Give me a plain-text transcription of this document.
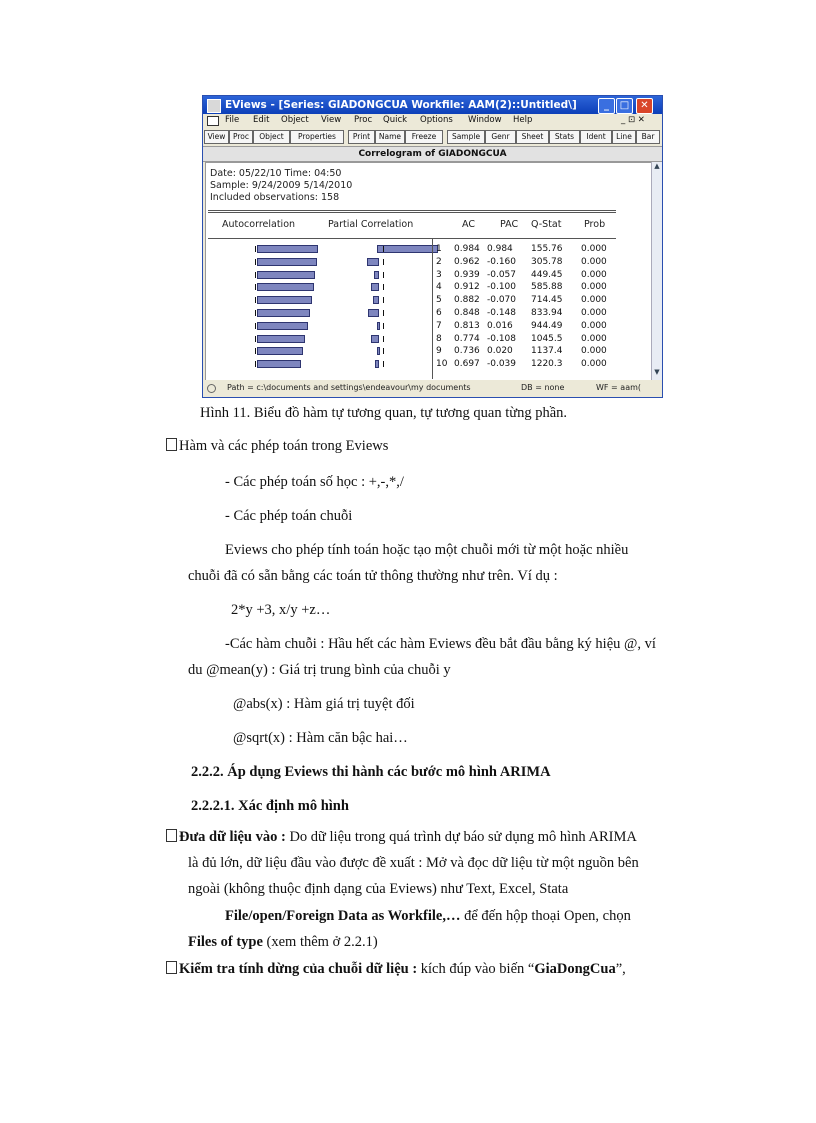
EViews - [Series: GIADONGCUA Workfile: AAM(2)::Untitled\]	_	□	✕
File Edit Object View Proc Quick Options Window Help	_ ⊡ ✕
View	Proc	Object	Properties	Print	Name	Freeze	Sample	Genr	Sheet	Stats	Ident	Line	Bar
Correlogram of GIADONGCUA
Date: 05/22/10 Time: 04:50
Sample: 9/24/2009 5/14/2010
Included observations: 158
Autocorrelation	Partial Correlation	AC	PAC Q-Stat Prob
1 0.984 0.984 155.76 0.000
2 0.962 -0.160 305.78 0.000
3 0.939 -0.057 449.45 0.000
4 0.912 -0.100 585.88 0.000
5 0.882 -0.070 714.45 0.000
6 0.848 -0.148 833.94 0.000
7 0.813 0.016 944.49 0.000
8 0.774 -0.108 1045.5 0.000
9 0.736 0.020 1137.4 0.000
10 0.697 -0.039 1220.3 0.000
▲
▼
Path = c:\documents and settings\endeavour\my documents	DB = none	WF = aam(
Hình 11. Biểu đồ hàm tự tương quan, tự tương quan từng phần.
Hàm và các phép toán trong Eviews
- Các phép toán số học : +,-,*,/
- Các phép toán chuỗi
Eviews cho phép tính toán hoặc tạo một chuỗi mới từ một hoặc nhiều
chuỗi đã có sẵn bằng các toán tử thông thường như trên. Ví dụ :
2*y +3, x/y +z…
-Các hàm chuỗi : Hầu hết các hàm Eviews đều bắt đầu bằng ký hiệu @, ví
du @mean(y) : Giá trị trung bình của chuỗi y
@abs(x) : Hàm giá trị tuyệt đối
@sqrt(x) : Hàm căn bậc hai…
2.2.2. Áp dụng Eviews thi hành các bước mô hình ARIMA
2.2.2.1. Xác định mô hình
Đưa dữ liệu vào : Do dữ liệu trong quá trình dự báo sử dụng mô hình ARIMA
là đủ lớn, dữ liệu đầu vào được đề xuất : Mở và đọc dữ liệu từ một nguồn bên
ngoài (không thuộc định dạng của Eviews) như Text, Excel, Stata
File/open/Foreign Data as Workfile,… để đến hộp thoại Open, chọn
Files of type (xem thêm ở 2.2.1)
Kiểm tra tính dừng của chuỗi dữ liệu : kích đúp vào biến “GiaDongCua”,
